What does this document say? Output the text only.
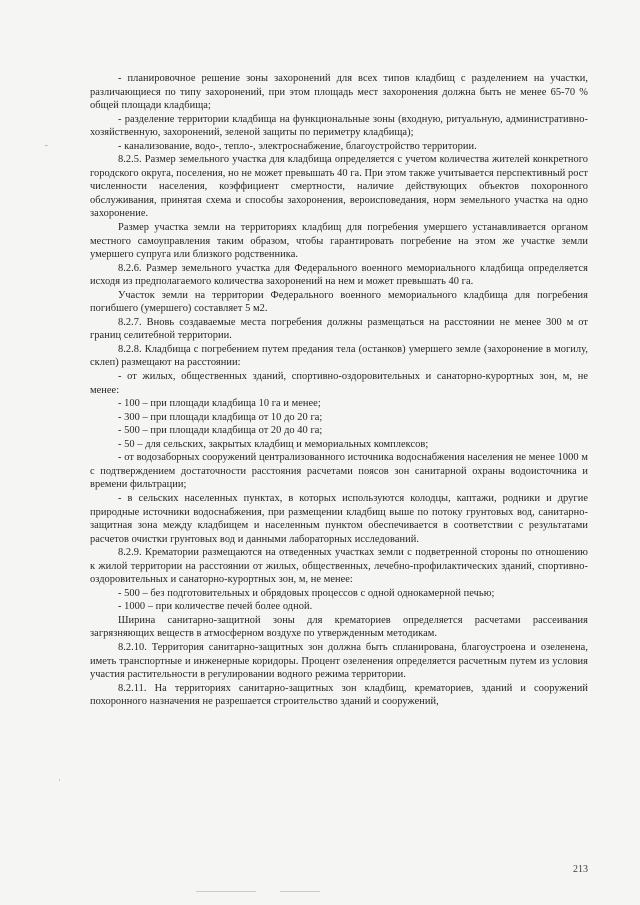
- планировочное решение зоны захоронений для всех типов кладбищ с разделением на участки, различающиеся по типу захоронений, при этом площадь мест захоронения должна быть не менее 65-70 % общей площади кладбища;

- разделение территории кладбища на функциональные зоны (входную, ритуальную, административно-хозяйственную, захоронений, зеленой защиты по периметру кладбища);

- канализование, водо-, тепло-, электроснабжение, благоустройство территории.

8.2.5. Размер земельного участка для кладбища определяется с учетом количества жителей конкретного городского округа, поселения, но не может превышать 40 га. При этом также учитывается перспективный рост численности населения, коэффициент смертности, наличие действующих объектов похоронного обслуживания, принятая схема и способы захоронения, вероисповедания, норм земельного участка на одно захоронение.

Размер участка земли на территориях кладбищ для погребения умершего устанавливается органом местного самоуправления таким образом, чтобы гарантировать погребение на этом же участке земли умершего супруга или близкого родственника.

8.2.6. Размер земельного участка для Федерального военного мемориального кладбища определяется исходя из предполагаемого количества захоронений на нем и может превышать 40 га.

Участок земли на территории Федерального военного мемориального кладбища для погребения погибшего (умершего) составляет 5 м2.

8.2.7. Вновь создаваемые места погребения должны размещаться на расстоянии не менее 300 м от границ селитебной территории.

8.2.8. Кладбища с погребением путем предания тела (останков) умершего земле (захоронение в могилу, склеп) размещают на расстоянии:

- от жилых, общественных зданий, спортивно-оздоровительных и санаторно-курортных зон, м, не менее:

- 100 – при площади кладбища 10 га и менее;

- 300 – при площади кладбища от 10 до 20 га;

- 500 – при площади кладбища от 20 до 40 га;

- 50 – для сельских, закрытых кладбищ и мемориальных комплексов;

- от водозаборных сооружений централизованного источника водоснабжения населения не менее 1000 м с подтверждением достаточности расстояния расчетами поясов зон санитарной охраны водоисточника и времени фильтрации;

- в сельских населенных пунктах, в которых используются колодцы, каптажи, родники и другие природные источники водоснабжения, при размещении кладбищ выше по потоку грунтовых вод, санитарно-защитная зона между кладбищем и населенным пунктом обеспечивается в соответствии с результатами расчетов очистки грунтовых вод и данными лабораторных исследований.

8.2.9. Крематории размещаются на отведенных участках земли с подветренной стороны по отношению к жилой территории на расстоянии от жилых, общественных, лечебно-профилактических зданий, спортивно-оздоровительных и санаторно-курортных зон, м, не менее:

- 500 – без подготовительных и обрядовых процессов с одной однокамерной печью;

- 1000 – при количестве печей более одной.

Ширина санитарно-защитной зоны для крематориев определяется расчетами рассеивания загрязняющих веществ в атмосферном воздухе по утвержденным методикам.

8.2.10. Территория санитарно-защитных зон должна быть спланирована, благоустроена и озеленена, иметь транспортные и инженерные коридоры. Процент озеленения определяется расчетным путем из условия участия растительности в регулировании водного режима территории.

8.2.11. На территориях санитарно-защитных зон кладбищ, крематориев, зданий и сооружений похоронного назначения не разрешается строительство зданий и сооружений,

˜
·
213
